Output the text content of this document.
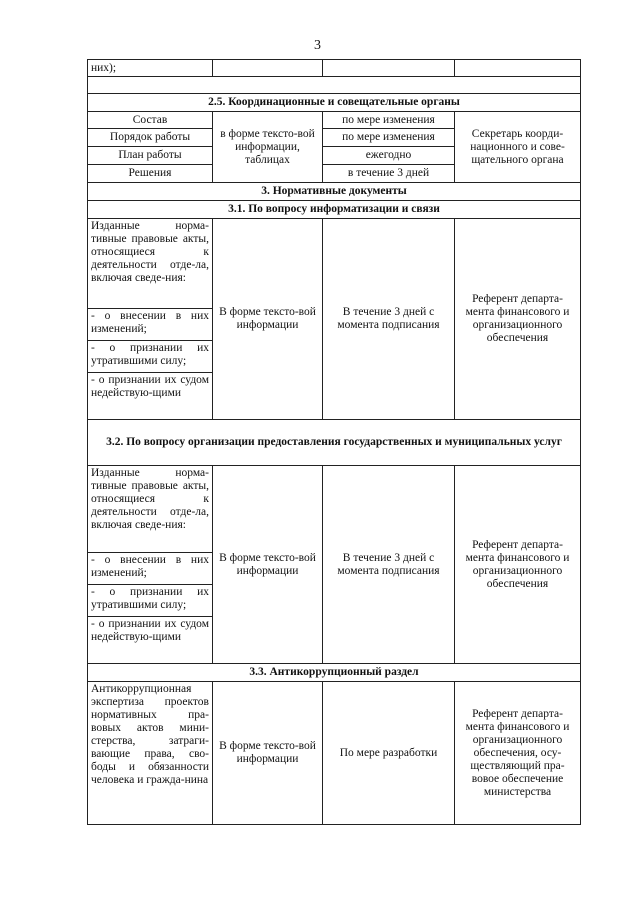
3
них);			

2.5. Координационные и совещательные органы			
Состав	в форме тексто-вой информации, таблицах	по мере изменения	Секретарь коорди-национного и сове-щательного органа
Порядок работы		по мере изменения	
План работы		ежегодно	
Решения		в течение 3 дней	
3. Нормативные документы			
3.1. По вопросу информатизации и связи			
Изданные норма-тивные правовые акты, относящиеся к деятельности отде-ла, включая сведе-ния:	В форме тексто-вой информации	В течение 3 дней с момента подписания	Референт департа-мента финансового и организационного обеспечения
- о внесении в них изменений;			
- о признании их утратившими силу;			
- о признании их судом недействую-щими			
3.2. По вопросу организации предоставления государственных и муниципальных услуг			
Изданные норма-тивные правовые акты, относящиеся к деятельности отде-ла, включая сведе-ния:	В форме тексто-вой информации	В течение 3 дней с момента подписания	Референт департа-мента финансового и организационного обеспечения
- о внесении в них изменений;			
- о признании их утратившими силу;			
- о признании их судом недействую-щими			
3.3. Антикоррупционный раздел			
Антикоррупционная экспертиза проектов нормативных пра-вовых актов мини-стерства, затраги-вающие права, сво-боды и обязанности человека и гражда-нина	В форме тексто-вой информации	По мере разработки	Референт департа-мента финансового и организационного обеспечения, осу-ществляющий пра-вовое обеспечение министерства
